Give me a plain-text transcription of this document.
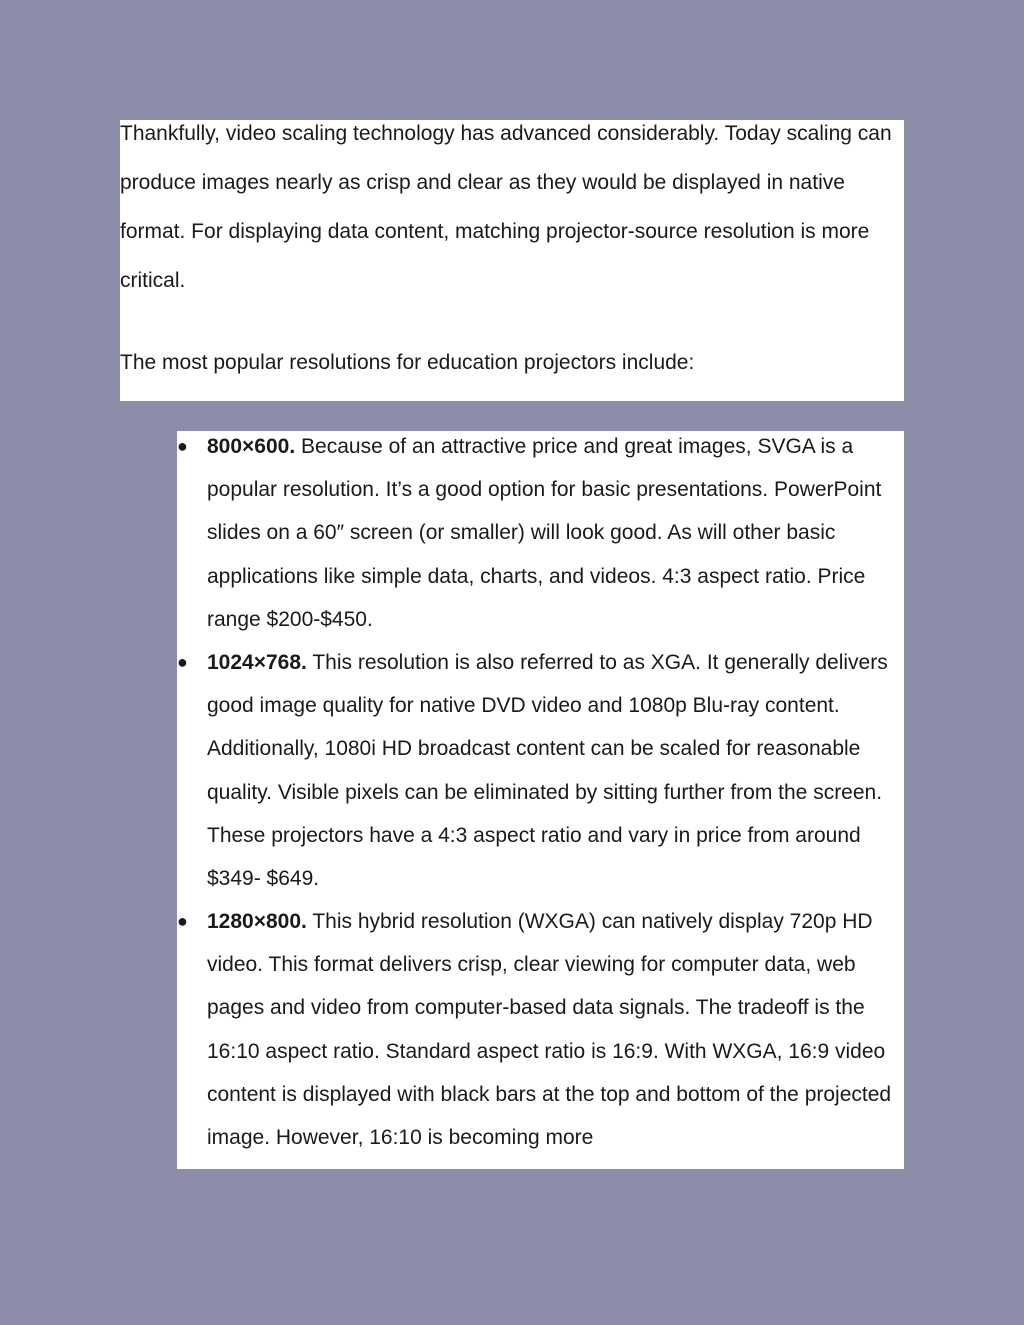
Thankfully, video scaling technology has advanced considerably. Today scaling can produce images nearly as crisp and clear as they would be displayed in native format. For displaying data content, matching projector-source resolution is more critical.

The most popular resolutions for education projectors include:

● 800×600. Because of an attractive price and great images, SVGA is a popular resolution. It’s a good option for basic presentations. PowerPoint slides on a 60″ screen (or smaller) will look good. As will other basic applications like simple data, charts, and videos. 4:3 aspect ratio. Price range $200-$450.

● 1024×768. This resolution is also referred to as XGA. It generally delivers good image quality for native DVD video and 1080p Blu-ray content. Additionally, 1080i HD broadcast content can be scaled for reasonable quality. Visible pixels can be eliminated by sitting further from the screen. These projectors have a 4:3 aspect ratio and vary in price from around $349- $649.

● 1280×800. This hybrid resolution (WXGA) can natively display 720p HD video. This format delivers crisp, clear viewing for computer data, web pages and video from computer-based data signals. The tradeoff is the 16:10 aspect ratio. Standard aspect ratio is 16:9. With WXGA, 16:9 video content is displayed with black bars at the top and bottom of the projected image. However, 16:10 is becoming more
